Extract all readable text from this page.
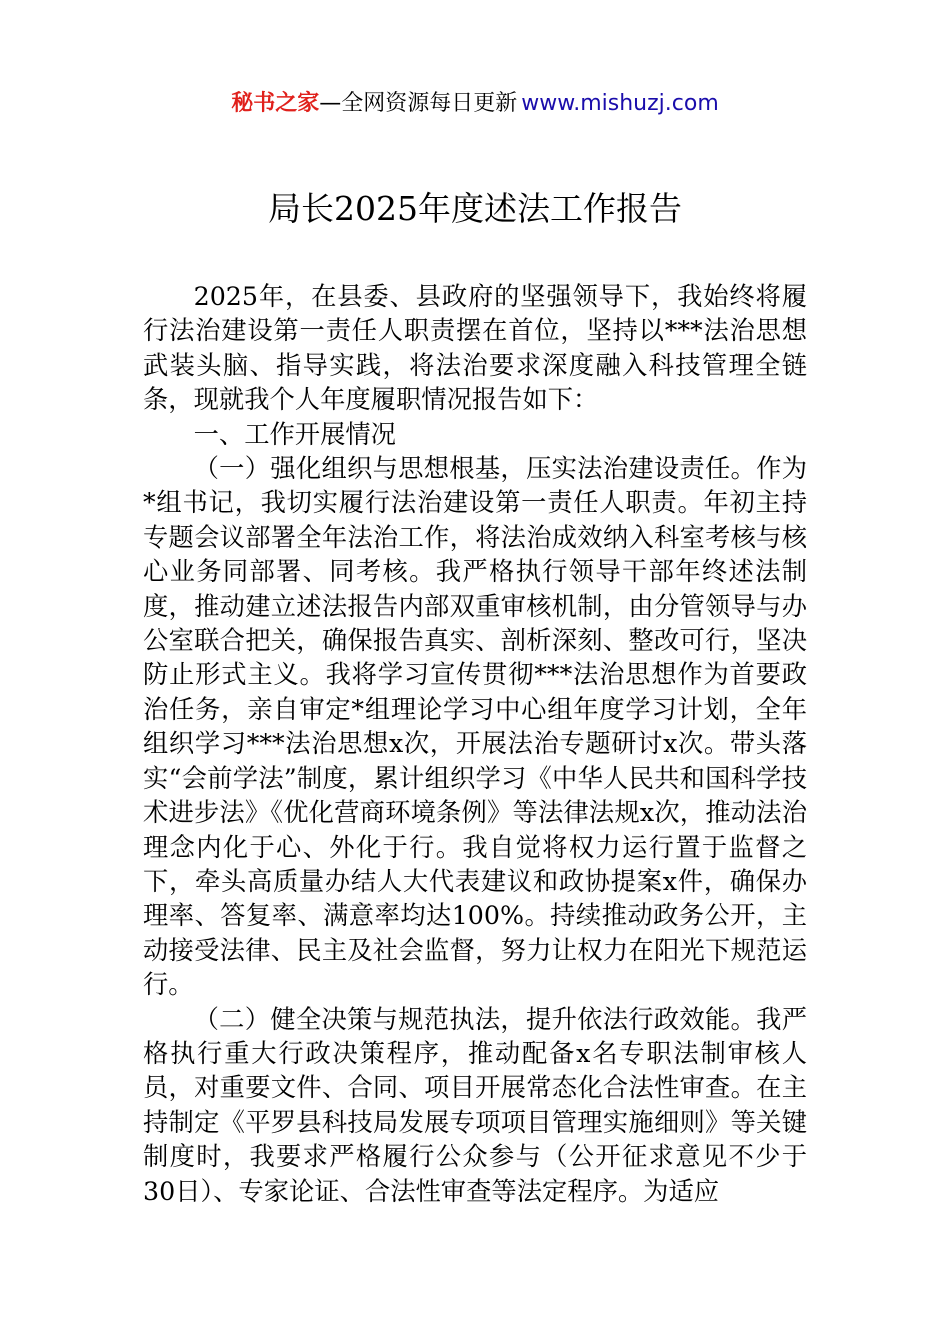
秘书之家—全网资源每日更新 www.mishuzj.com
局长2025年度述法工作报告

2025年，在县委、县政府的坚强领导下，我始终将履行法治建设第一责任人职责摆在首位，坚持以***法治思想武装头脑、指导实践，将法治要求深度融入科技管理全链条，现就我个人年度履职情况报告如下：

一、工作开展情况

（一）强化组织与思想根基，压实法治建设责任。作为*组书记，我切实履行法治建设第一责任人职责。年初主持专题会议部署全年法治工作，将法治成效纳入科室考核与核心业务同部署、同考核。我严格执行领导干部年终述法制度，推动建立述法报告内部双重审核机制，由分管领导与办公室联合把关，确保报告真实、剖析深刻、整改可行，坚决防止形式主义。我将学习宣传贯彻***法治思想作为首要政治任务，亲自审定*组理论学习中心组年度学习计划，全年组织学习***法治思想x次，开展法治专题研讨x次。带头落实“会前学法”制度，累计组织学习《中华人民共和国科学技术进步法》《优化营商环境条例》等法律法规x次，推动法治理念内化于心、外化于行。我自觉将权力运行置于监督之下，牵头高质量办结人大代表建议和政协提案x件，确保办理率、答复率、满意率均达100%。持续推动政务公开，主动接受法律、民主及社会监督，努力让权力在阳光下规范运行。

（二）健全决策与规范执法，提升依法行政效能。我严格执行重大行政决策程序，推动配备x名专职法制审核人员，对重要文件、合同、项目开展常态化合法性审查。在主持制定《平罗县科技局发展专项项目管理实施细则》等关键制度时，我要求严格履行公众参与（公开征求意见不少于30日）、专家论证、合法性审查等法定程序。为适应
